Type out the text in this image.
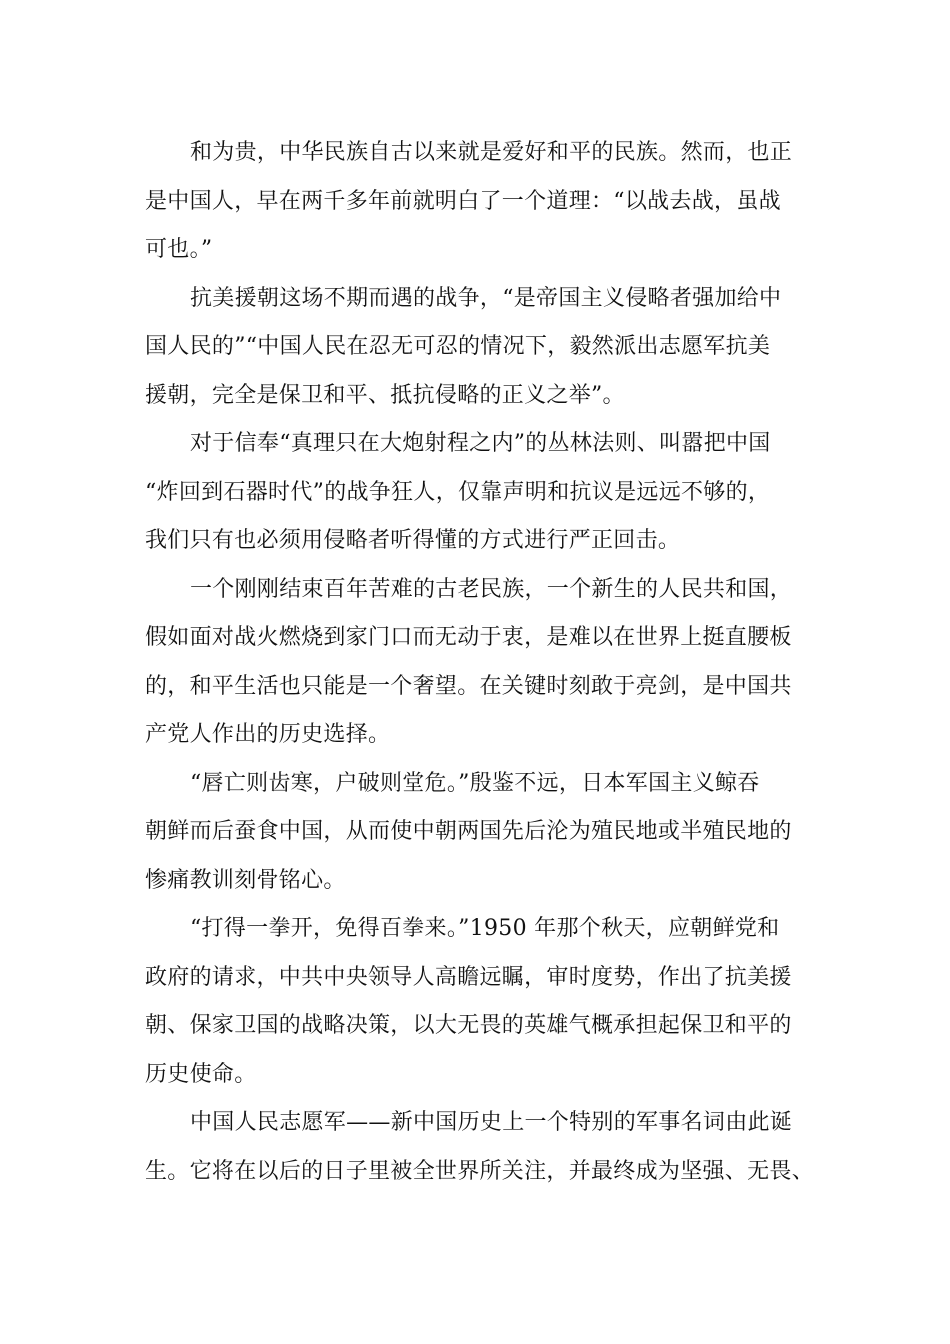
和为贵，中华民族自古以来就是爱好和平的民族。然而，也正
是中国人，早在两千多年前就明白了一个道理：“以战去战，虽战
可也。”
抗美援朝这场不期而遇的战争，“是帝国主义侵略者强加给中
国人民的”“中国人民在忍无可忍的情况下，毅然派出志愿军抗美
援朝，完全是保卫和平、抵抗侵略的正义之举”。
对于信奉“真理只在大炮射程之内”的丛林法则、叫嚣把中国
“炸回到石器时代”的战争狂人，仅靠声明和抗议是远远不够的，
我们只有也必须用侵略者听得懂的方式进行严正回击。
一个刚刚结束百年苦难的古老民族，一个新生的人民共和国，
假如面对战火燃烧到家门口而无动于衷，是难以在世界上挺直腰板
的，和平生活也只能是一个奢望。在关键时刻敢于亮剑，是中国共
产党人作出的历史选择。
“唇亡则齿寒，户破则堂危。”殷鉴不远，日本军国主义鲸吞
朝鲜而后蚕食中国，从而使中朝两国先后沦为殖民地或半殖民地的
惨痛教训刻骨铭心。
“打得一拳开，免得百拳来。”1950 年那个秋天，应朝鲜党和
政府的请求，中共中央领导人高瞻远瞩，审时度势，作出了抗美援
朝、保家卫国的战略决策，以大无畏的英雄气概承担起保卫和平的
历史使命。
中国人民志愿军——新中国历史上一个特别的军事名词由此诞
生。它将在以后的日子里被全世界所关注，并最终成为坚强、无畏、
